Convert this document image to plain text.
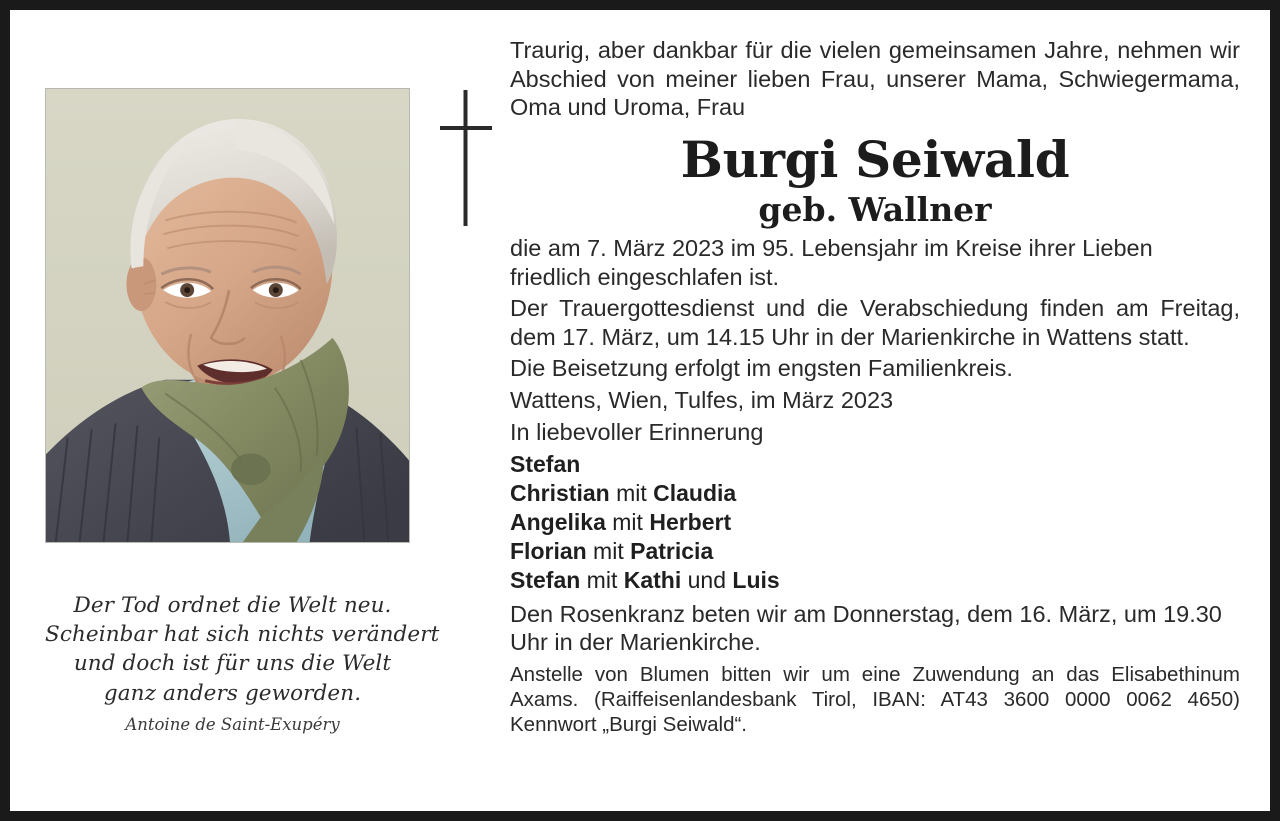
Der Tod ordnet die Welt neu.
Scheinbar hat sich nichts verändert
und doch ist für uns die Welt
ganz anders geworden.
Antoine de Saint-Exupéry

Traurig, aber dankbar für die vielen gemeinsamen Jahre, nehmen wir Abschied von meiner lieben Frau, unserer Mama, Schwiegermama, Oma und Uroma, Frau

Burgi Seiwald
geb. Wallner

die am 7. März 2023 im 95. Lebensjahr im Kreise ihrer Lieben friedlich eingeschlafen ist.

Der Trauergottesdienst und die Verabschiedung finden am Freitag, dem 17. März, um 14.15 Uhr in der Marienkirche in Wattens statt.

Die Beisetzung erfolgt im engsten Familienkreis.

Wattens, Wien, Tulfes, im März 2023

In liebevoller Erinnerung

Stefan
Christian mit Claudia
Angelika mit Herbert
Florian mit Patricia
Stefan mit Kathi und Luis

Den Rosenkranz beten wir am Donnerstag, dem 16. März, um 19.30 Uhr in der Marienkirche.

Anstelle von Blumen bitten wir um eine Zuwendung an das Elisabethinum Axams. (Raiffeisenlandesbank Tirol, IBAN: AT43 3600 0000 0062 4650) Kennwort „Burgi Seiwald“.
